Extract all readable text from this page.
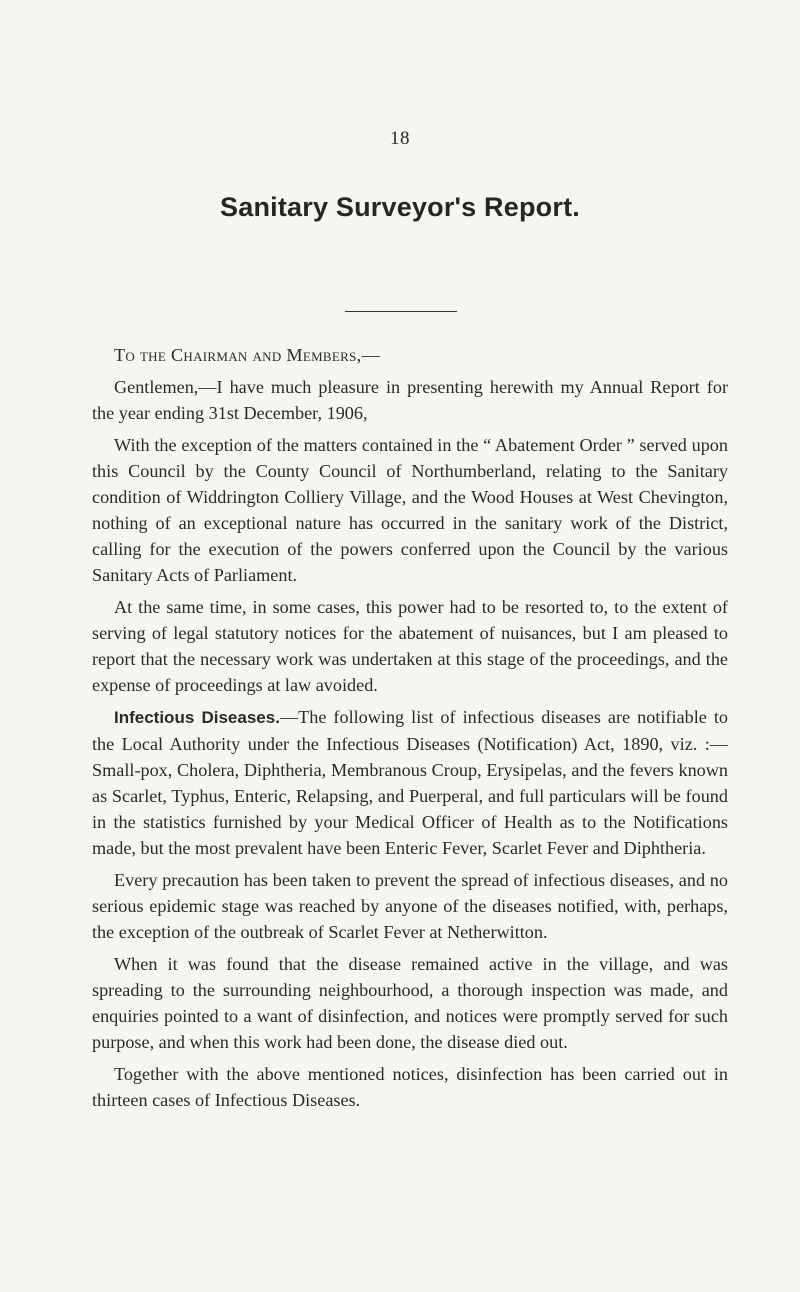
18
Sanitary Surveyor's Report.

To the Chairman and Members,—

Gentlemen,—I have much pleasure in presenting herewith my Annual Report for the year ending 31st December, 1906,

With the exception of the matters contained in the “ Abatement Order ” served upon this Council by the County Council of Northumberland, relating to the Sanitary condition of Widdrington Colliery Village, and the Wood Houses at West Chevington, nothing of an exceptional nature has occurred in the sanitary work of the District, calling for the execution of the powers conferred upon the Council by the various Sanitary Acts of Parliament.

At the same time, in some cases, this power had to be resorted to, to the extent of serving of legal statutory notices for the abatement of nuisances, but I am pleased to report that the necessary work was undertaken at this stage of the proceedings, and the expense of proceedings at law avoided.

Infectious Diseases.—The following list of infectious diseases are notifiable to the Local Authority under the Infectious Diseases (Notification) Act, 1890, viz. :—Small-pox, Cholera, Diphtheria, Membranous Croup, Erysipelas, and the fevers known as Scarlet, Typhus, Enteric, Relapsing, and Puerperal, and full particulars will be found in the statistics furnished by your Medical Officer of Health as to the Notifications made, but the most prevalent have been Enteric Fever, Scarlet Fever and Diphtheria.

Every precaution has been taken to prevent the spread of infectious diseases, and no serious epidemic stage was reached by anyone of the diseases notified, with, perhaps, the exception of the outbreak of Scarlet Fever at Netherwitton.

When it was found that the disease remained active in the village, and was spreading to the surrounding neighbourhood, a thorough inspection was made, and enquiries pointed to a want of disinfection, and notices were promptly served for such purpose, and when this work had been done, the disease died out.

Together with the above mentioned notices, disinfection has been carried out in thirteen cases of Infectious Diseases.
